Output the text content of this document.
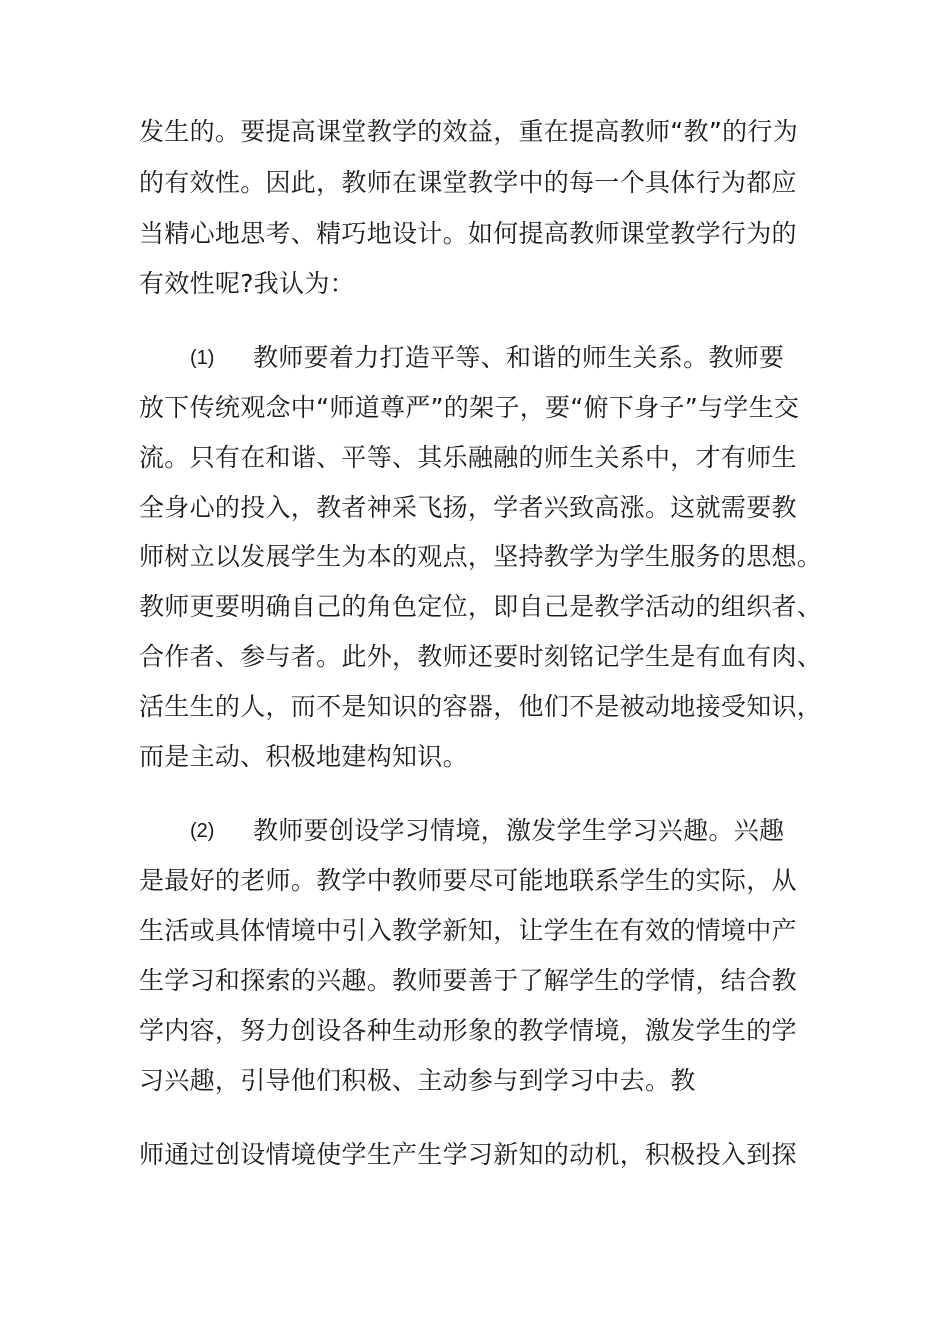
发生的。要提高课堂教学的效益，重在提高教师“教”的行为
的有效性。因此，教师在课堂教学中的每一个具体行为都应
当精心地思考、精巧地设计。如何提高教师课堂教学行为的
有效性呢?我认为：
(1) 教师要着力打造平等、和谐的师生关系。教师要
放下传统观念中“师道尊严”的架子，要“俯下身子”与学生交
流。只有在和谐、平等、其乐融融的师生关系中，才有师生
全身心的投入，教者神采飞扬，学者兴致高涨。这就需要教
师树立以发展学生为本的观点，坚持教学为学生服务的思想。
教师更要明确自己的角色定位，即自己是教学活动的组织者、
合作者、参与者。此外，教师还要时刻铭记学生是有血有肉、
活生生的人，而不是知识的容器，他们不是被动地接受知识，
而是主动、积极地建构知识。
(2) 教师要创设学习情境，激发学生学习兴趣。兴趣
是最好的老师。教学中教师要尽可能地联系学生的实际，从
生活或具体情境中引入教学新知，让学生在有效的情境中产
生学习和探索的兴趣。教师要善于了解学生的学情，结合教
学内容，努力创设各种生动形象的教学情境，激发学生的学
习兴趣，引导他们积极、主动参与到学习中去。教
师通过创设情境使学生产生学习新知的动机，积极投入到探
